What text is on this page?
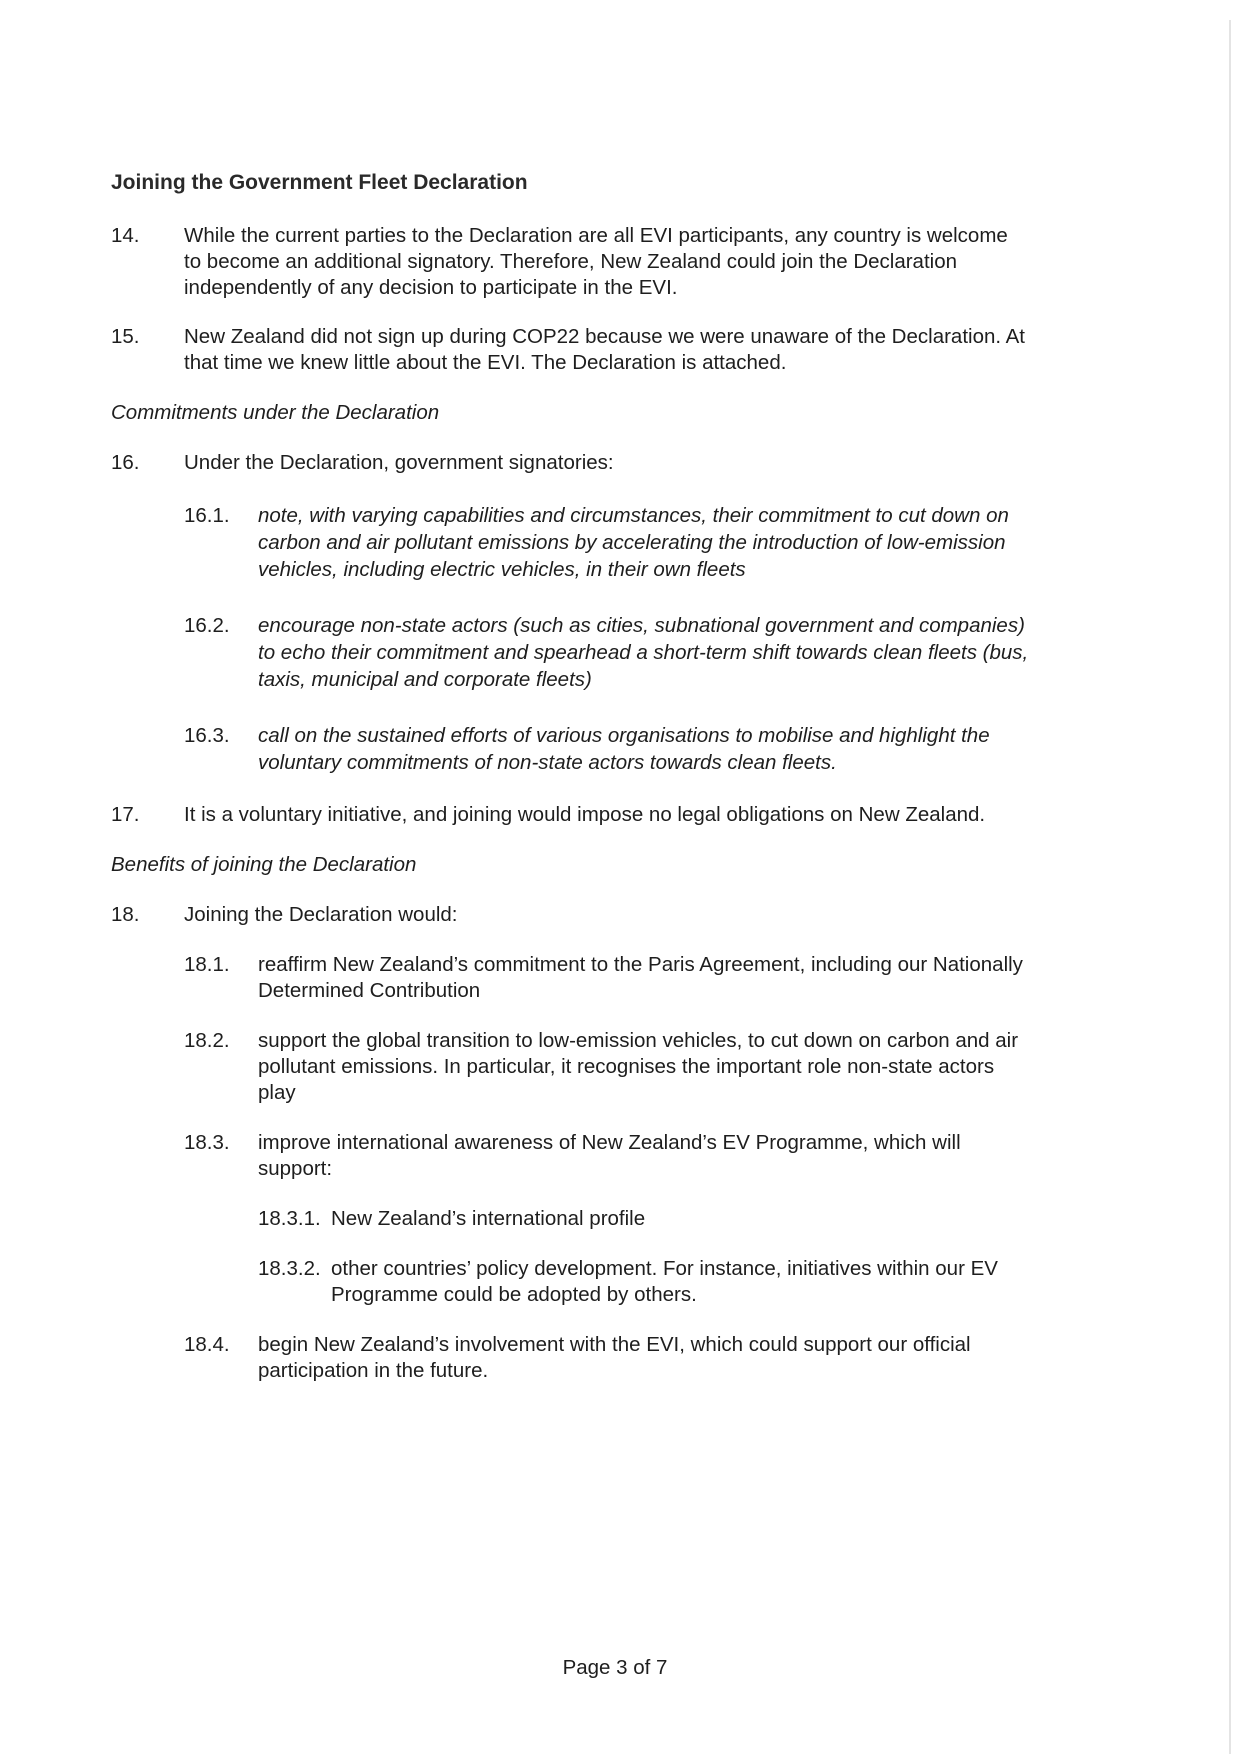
Joining the Government Fleet Declaration
14. While the current parties to the Declaration are all EVI participants, any country is welcome
to become an additional signatory. Therefore, New Zealand could join the Declaration
independently of any decision to participate in the EVI.
15. New Zealand did not sign up during COP22 because we were unaware of the Declaration. At
that time we knew little about the EVI. The Declaration is attached.
Commitments under the Declaration
16. Under the Declaration, government signatories:
16.1. note, with varying capabilities and circumstances, their commitment to cut down on
carbon and air pollutant emissions by accelerating the introduction of low-emission
vehicles, including electric vehicles, in their own fleets
16.2. encourage non-state actors (such as cities, subnational government and companies)
to echo their commitment and spearhead a short-term shift towards clean fleets (bus,
taxis, municipal and corporate fleets)
16.3. call on the sustained efforts of various organisations to mobilise and highlight the
voluntary commitments of non-state actors towards clean fleets.
17. It is a voluntary initiative, and joining would impose no legal obligations on New Zealand.
Benefits of joining the Declaration
18. Joining the Declaration would:
18.1. reaffirm New Zealand’s commitment to the Paris Agreement, including our Nationally
Determined Contribution
18.2. support the global transition to low-emission vehicles, to cut down on carbon and air
pollutant emissions. In particular, it recognises the important role non-state actors
play
18.3. improve international awareness of New Zealand’s EV Programme, which will
support:
18.3.1. New Zealand’s international profile
18.3.2. other countries’ policy development. For instance, initiatives within our EV
Programme could be adopted by others.
18.4. begin New Zealand’s involvement with the EVI, which could support our official
participation in the future.
Page 3 of 7
